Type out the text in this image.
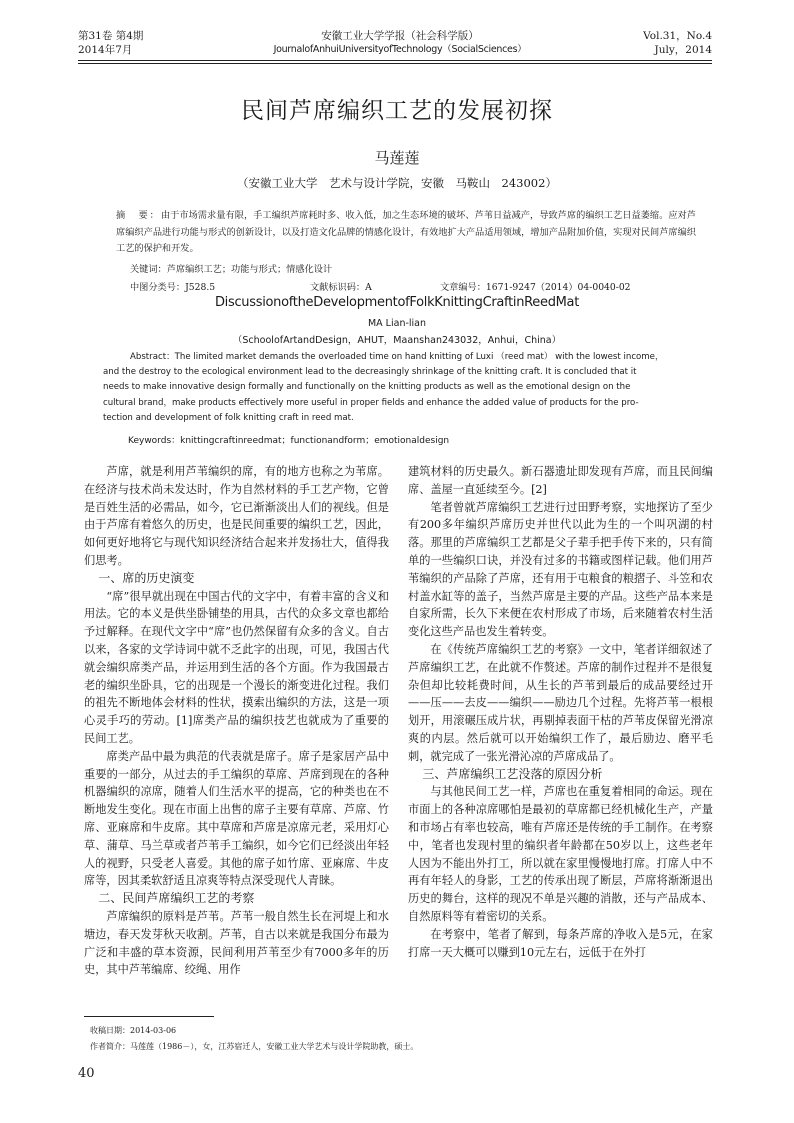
第31卷 第4期
2014年7月
安徽工业大学学报（社会科学版）
JournalofAnhuiUniversityofTechnology（SocialSciences）
Vol.31，No.4
July，2014
民间芦席编织工艺的发展初探
马莲莲
（安徽工业大学　艺术与设计学院，安徽　马鞍山　243002）
摘　要：由于市场需求量有限，手工编织芦席耗时多、收入低，加之生态环境的破坏、芦苇日益减产，导致芦席的编织工艺日益萎缩。应对芦席编织产品进行功能与形式的创新设计，以及打造文化品牌的情感化设计，有效地扩大产品适用领域，增加产品附加价值，实现对民间芦席编织工艺的保护和开发。
关键词：芦席编织工艺；功能与形式；情感化设计
中图分类号：J528.5	文献标识码：A	文章编号：1671-9247（2014）04-0040-02
DiscussionoftheDevelopmentofFolkKnittingCraftinReedMat
MA Lian-lian
（SchoolofArtandDesign，AHUT，Maanshan243032，Anhui，China）
Abstract：The limited market demands the overloaded time on hand knitting of Luxi （reed mat） with the lowest income，
and the destroy to the ecological environment lead to the decreasingly shrinkage of the knitting craft. It is concluded that it
needs to make innovative design formally and functionally on the knitting products as well as the emotional design on the
cultural brand，make products effectively more useful in proper fields and enhance the added value of products for the pro-
tection and development of folk knitting craft in reed mat.
Keywords：knittingcraftinreedmat；functionandform；emotionaldesign

芦席，就是利用芦苇编织的席，有的地方也称之为苇席。在经济与技术尚未发达时，作为自然材料的手工艺产物，它曾是百姓生活的必需品，如今，它已渐渐淡出人们的视线。但是由于芦席有着悠久的历史，也是民间重要的编织工艺，因此，如何更好地将它与现代知识经济结合起来并发扬壮大，值得我们思考。

一、席的历史演变

“席”很早就出现在中国古代的文字中，有着丰富的含义和用法。它的本义是供坐卧铺垫的用具，古代的众多文章也都给予过解释。在现代文字中“席”也仍然保留有众多的含义。自古以来，各家的文学诗词中就不乏此字的出现，可见，我国古代就会编织席类产品，并运用到生活的各个方面。作为我国最古老的编织坐卧具，它的出现是一个漫长的渐变进化过程。我们的祖先不断地体会材料的性状，摸索出编织的方法，这是一项心灵手巧的劳动。[1]席类产品的编织技艺也就成为了重要的民间工艺。

席类产品中最为典范的代表就是席子。席子是家居产品中重要的一部分，从过去的手工编织的草席、芦席到现在的各种机器编织的凉席，随着人们生活水平的提高，它的种类也在不断地发生变化。现在市面上出售的席子主要有草席、芦席、竹席、亚麻席和牛皮席。其中草席和芦席是凉席元老，采用灯心草、蒲草、马兰草或者芦苇手工编织，如今它们已经淡出年轻人的视野，只受老人喜爱。其他的席子如竹席、亚麻席、牛皮席等，因其柔软舒适且凉爽等特点深受现代人青睐。

二、民间芦席编织工艺的考察

芦席编织的原料是芦苇。芦苇一般自然生长在河堤上和水塘边，春天发芽秋天收割。芦苇，自古以来就是我国分布最为广泛和丰盛的草本资源，民间利用芦苇至少有7000多年的历史，其中芦苇编席、绞绳、用作

建筑材料的历史最久。新石器遗址即发现有芦席，而且民间编席、盖屋一直延续至今。[2]

笔者曾就芦席编织工艺进行过田野考察，实地探访了至少有200多年编织芦席历史并世代以此为生的一个叫巩湖的村落。那里的芦席编织工艺都是父子辈手把手传下来的，只有简单的一些编织口诀，并没有过多的书籍或图样记载。他们用芦苇编织的产品除了芦席，还有用于屯粮食的粮摺子、斗笠和农村盖水缸等的盖子，当然芦席是主要的产品。这些产品本来是自家所需，长久下来便在农村形成了市场，后来随着农村生活变化这些产品也发生着转变。

在《传统芦席编织工艺的考察》一文中，笔者详细叙述了芦席编织工艺，在此就不作赘述。芦席的制作过程并不是很复杂但却比较耗费时间，从生长的芦苇到最后的成品要经过开——压——去皮——编织——励边几个过程。先将芦苇一根根划开，用滚碾压成片状，再剔掉表面干枯的芦苇皮保留光滑凉爽的内层。然后就可以开始编织工作了，最后励边、磨平毛刺，就完成了一张光滑沁凉的芦席成品了。

三、芦席编织工艺没落的原因分析

与其他民间工艺一样，芦席也在重复着相同的命运。现在市面上的各种凉席哪怕是最初的草席都已经机械化生产，产量和市场占有率也较高，唯有芦席还是传统的手工制作。在考察中，笔者也发现村里的编织者年龄都在50岁以上，这些老年人因为不能出外打工，所以就在家里慢慢地打席。打席人中不再有年轻人的身影，工艺的传承出现了断层，芦席将渐渐退出历史的舞台，这样的现况不单是兴趣的消散，还与产品成本、自然原料等有着密切的关系。

在考察中，笔者了解到，每条芦席的净收入是5元，在家打席一天大概可以赚到10元左右，远低于在外打

收稿日期：2014-03-06
作者简介：马莲莲（1986－），女，江苏宿迁人，安徽工业大学艺术与设计学院助教，硕士。
40
